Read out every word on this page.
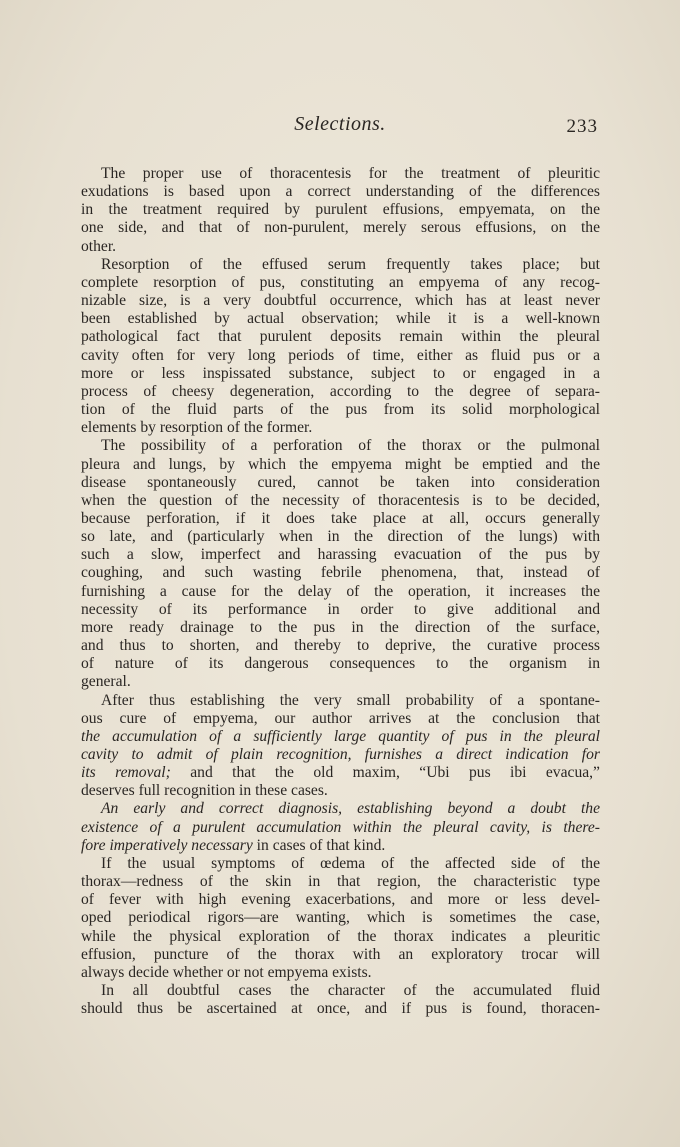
Selections.	233

The proper use of thoracentesis for the treatment of pleuritic

exudations is based upon a correct understanding of the differences

in the treatment required by purulent effusions, empyemata, on the

one side, and that of non-purulent, merely serous effusions, on the

other.

Resorption of the effused serum frequently takes place; but

complete resorption of pus, constituting an empyema of any recog-

nizable size, is a very doubtful occurrence, which has at least never

been established by actual observation; while it is a well-known

pathological fact that purulent deposits remain within the pleural

cavity often for very long periods of time, either as fluid pus or a

more or less inspissated substance, subject to or engaged in a

process of cheesy degeneration, according to the degree of separa-

tion of the fluid parts of the pus from its solid morphological

elements by resorption of the former.

The possibility of a perforation of the thorax or the pulmonal

pleura and lungs, by which the empyema might be emptied and the

disease spontaneously cured, cannot be taken into consideration

when the question of the necessity of thoracentesis is to be decided,

because perforation, if it does take place at all, occurs generally

so late, and (particularly when in the direction of the lungs) with

such a slow, imperfect and harassing evacuation of the pus by

coughing, and such wasting febrile phenomena, that, instead of

furnishing a cause for the delay of the operation, it increases the

necessity of its performance in order to give additional and

more ready drainage to the pus in the direction of the surface,

and thus to shorten, and thereby to deprive, the curative process

of nature of its dangerous consequences to the organism in

general.

After thus establishing the very small probability of a spontane-

ous cure of empyema, our author arrives at the conclusion that

the accumulation of a sufficiently large quantity of pus in the pleural

cavity to admit of plain recognition, furnishes a direct indication for

its removal; and that the old maxim, “Ubi pus ibi evacua,”

deserves full recognition in these cases.

An early and correct diagnosis, establishing beyond a doubt the

existence of a purulent accumulation within the pleural cavity, is there-

fore imperatively necessary in cases of that kind.

If the usual symptoms of œdema of the affected side of the

thorax—redness of the skin in that region, the characteristic type

of fever with high evening exacerbations, and more or less devel-

oped periodical rigors—are wanting, which is sometimes the case,

while the physical exploration of the thorax indicates a pleuritic

effusion, puncture of the thorax with an exploratory trocar will

always decide whether or not empyema exists.

In all doubtful cases the character of the accumulated fluid

should thus be ascertained at once, and if pus is found, thoracen-
